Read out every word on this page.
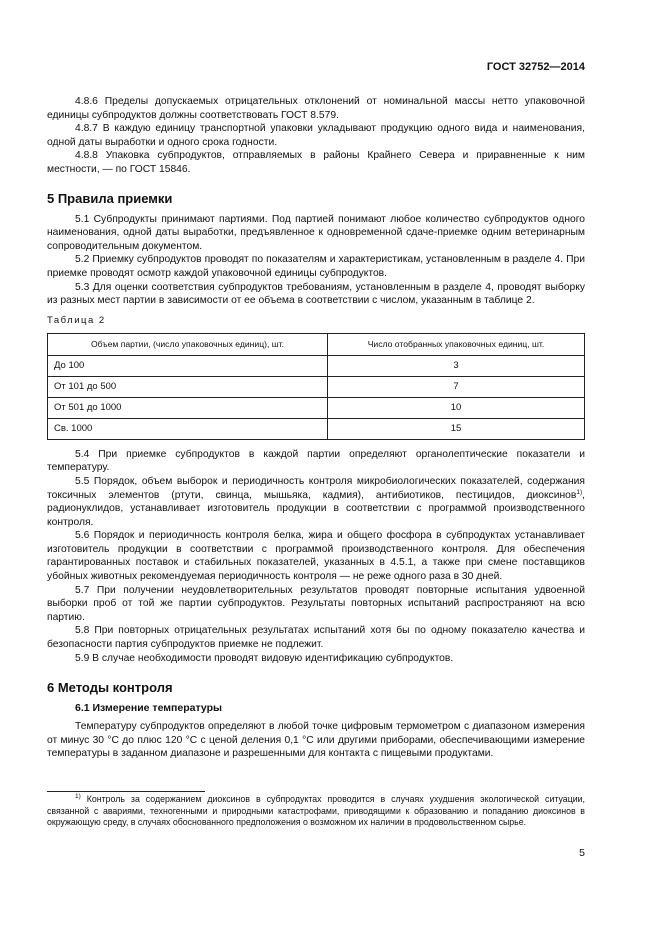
ГОСТ 32752—2014

4.8.6 Пределы допускаемых отрицательных отклонений от номинальной массы нетто упаковочной единицы субпродуктов должны соответствовать ГОСТ 8.579.

4.8.7 В каждую единицу транспортной упаковки укладывают продукцию одного вида и наименования, одной даты выработки и одного срока годности.

4.8.8 Упаковка субпродуктов, отправляемых в районы Крайнего Севера и приравненные к ним местности, — по ГОСТ 15846.

5 Правила приемки

5.1 Субпродукты принимают партиями. Под партией понимают любое количество субпродуктов одного наименования, одной даты выработки, предъявленное к одновременной сдаче-приемке одним ветеринарным сопроводительным документом.

5.2 Приемку субпродуктов проводят по показателям и характеристикам, установленным в разделе 4. При приемке проводят осмотр каждой упаковочной единицы субпродуктов.

5.3 Для оценки соответствия субпродуктов требованиям, установленным в разделе 4, проводят выборку из разных мест партии в зависимости от ее объема в соответствии с числом, указанным в таблице 2.

Таблица 2
Объем партии, (число упаковочных единиц), шт.	Число отобранных упаковочных единиц, шт.
До 100	3
От 101 до 500	7
От 501 до 1000	10
Св. 1000	15

5.4 При приемке субпродуктов в каждой партии определяют органолептические показатели и температуру.

5.5 Порядок, объем выборок и периодичность контроля микробиологических показателей, содержания токсичных элементов (ртути, свинца, мышьяка, кадмия), антибиотиков, пестицидов, диоксинов$^{1)}$, радионуклидов, устанавливает изготовитель продукции в соответствии с программой производственного контроля.

5.6 Порядок и периодичность контроля белка, жира и общего фосфора в субпродуктах устанавливает изготовитель продукции в соответствии с программой производственного контроля. Для обеспечения гарантированных поставок и стабильных показателей, указанных в 4.5.1, а также при смене поставщиков убойных животных рекомендуемая периодичность контроля — не реже одного раза в 30 дней.

5.7 При получении неудовлетворительных результатов проводят повторные испытания удвоенной выборки проб от той же партии субпродуктов. Результаты повторных испытаний распространяют на всю партию.

5.8 При повторных отрицательных результатах испытаний хотя бы по одному показателю качества и безопасности партия субпродуктов приемке не подлежит.

5.9 В случае необходимости проводят видовую идентификацию субпродуктов.

6 Методы контроля
6.1 Измерение температуры

Температуру субпродуктов определяют в любой точке цифровым термометром с диапазоном измерения от минус 30 °С до плюс 120 °С с ценой деления 0,1 °С или другими приборами, обеспечивающими измерение температуры в заданном диапазоне и разрешенными для контакта с пищевыми продуктами.

$^{1)}$ Контроль за содержанием диоксинов в субпродуктах проводится в случаях ухудшения экологической ситуации, связанной с авариями, техногенными и природными катастрофами, приводящими к образованию и попаданию диоксинов в окружающую среду, в случаях обоснованного предположения о возможном их наличии в продовольственном сырье.
5
